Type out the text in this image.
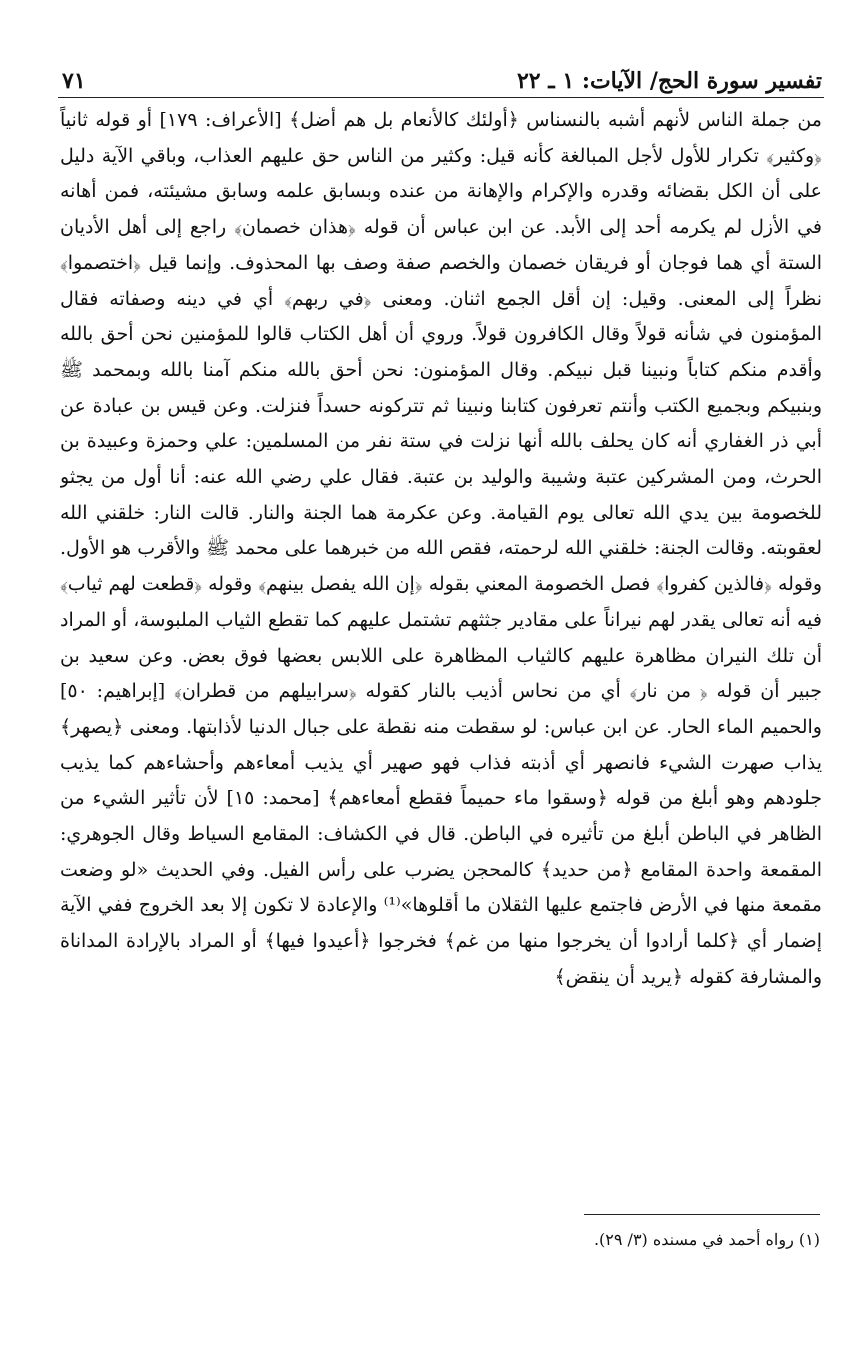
تفسير سورة الحج/ الآيات: ١ ـ ٢٢
٧١

من جملة الناس لأنهم أشبه بالنسناس ﴿أولئك كالأنعام بل هم أضل﴾ [الأعراف: ١٧٩] أو قوله ثانياً ﴿وكثير﴾ تكرار للأول لأجل المبالغة كأنه قيل: وكثير من الناس حق عليهم العذاب، وباقي الآية دليل على أن الكل بقضائه وقدره والإكرام والإهانة من عنده وبسابق علمه وسابق مشيئته، فمن أهانه في الأزل لم يكرمه أحد إلى الأبد. عن ابن عباس أن قوله ﴿هذان خصمان﴾ راجع إلى أهل الأديان الستة أي هما فوجان أو فريقان خصمان والخصم صفة وصف بها المحذوف. وإنما قيل ﴿اختصموا﴾ نظراً إلى المعنى. وقيل: إن أقل الجمع اثنان. ومعنى ﴿في ربهم﴾ أي في دينه وصفاته فقال المؤمنون في شأنه قولاً وقال الكافرون قولاً. وروي أن أهل الكتاب قالوا للمؤمنين نحن أحق بالله وأقدم منكم كتاباً ونبينا قبل نبيكم. وقال المؤمنون: نحن أحق بالله منكم آمنا بالله وبمحمد ﷺ وبنبيكم وبجميع الكتب وأنتم تعرفون كتابنا ونبينا ثم تتركونه حسداً فنزلت. وعن قيس بن عبادة عن أبي ذر الغفاري أنه كان يحلف بالله أنها نزلت في ستة نفر من المسلمين: علي وحمزة وعبيدة بن الحرث، ومن المشركين عتبة وشيبة والوليد بن عتبة. فقال علي رضي الله عنه: أنا أول من يجثو للخصومة بين يدي الله تعالى يوم القيامة. وعن عكرمة هما الجنة والنار. قالت النار: خلقني الله لعقوبته. وقالت الجنة: خلقني الله لرحمته، فقص الله من خبرهما على محمد ﷺ والأقرب هو الأول. وقوله ﴿فالذين كفروا﴾ فصل الخصومة المعني بقوله ﴿إن الله يفصل بينهم﴾ وقوله ﴿قطعت لهم ثياب﴾ فيه أنه تعالى يقدر لهم نيراناً على مقادير جثثهم تشتمل عليهم كما تقطع الثياب الملبوسة، أو المراد أن تلك النيران مظاهرة عليهم كالثياب المظاهرة على اللابس بعضها فوق بعض. وعن سعيد بن جبير أن قوله ﴿ من نار﴾ أي من نحاس أذيب بالنار كقوله ﴿سرابيلهم من قطران﴾ [إبراهيم: ٥٠] والحميم الماء الحار. عن ابن عباس: لو سقطت منه نقطة على جبال الدنيا لأذابتها. ومعنى ﴿يصهر﴾ يذاب صهرت الشيء فانصهر أي أذبته فذاب فهو صهير أي يذيب أمعاءهم وأحشاءهم كما يذيب جلودهم وهو أبلغ من قوله ﴿وسقوا ماء حميماً فقطع أمعاءهم﴾ [محمد: ١٥] لأن تأثير الشيء من الظاهر في الباطن أبلغ من تأثيره في الباطن. قال في الكشاف: المقامع السياط وقال الجوهري: المقمعة واحدة المقامع ﴿من حديد﴾ كالمحجن يضرب على رأس الفيل. وفي الحديث «لو وضعت مقمعة منها في الأرض فاجتمع عليها الثقلان ما أقلوها»⁽¹⁾ والإعادة لا تكون إلا بعد الخروج ففي الآية إضمار أي ﴿كلما أرادوا أن يخرجوا منها من غم﴾ فخرجوا ﴿أعيدوا فيها﴾ أو المراد بالإرادة المداناة والمشارفة كقوله ﴿يريد أن ينقض﴾

(١) رواه أحمد في مسنده (٣/ ٢٩).
